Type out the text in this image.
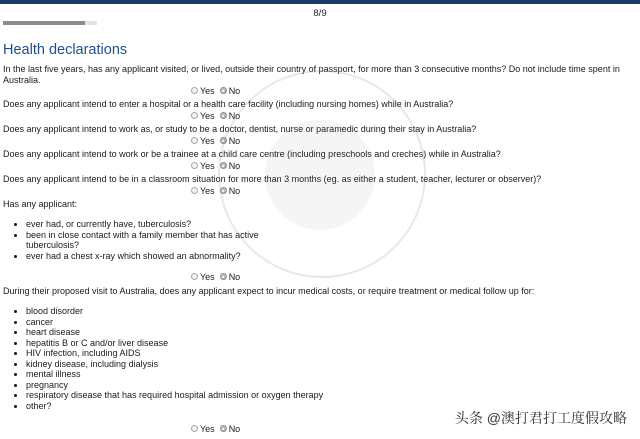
8/9
Health declarations
In the last five years, has any applicant visited, or lived, outside their country of passport, for more than 3 consecutive months? Do not include time spent in Australia.
Yes No
Does any applicant intend to enter a hospital or a health care facility (including nursing homes) while in Australia?
Yes No
Does any applicant intend to work as, or study to be a doctor, dentist, nurse or paramedic during their stay in Australia?
Yes No
Does any applicant intend to work or be a trainee at a child care centre (including preschools and creches) while in Australia?
Yes No
Does any applicant intend to be in a classroom situation for more than 3 months (eg. as either a student, teacher, lecturer or observer)?
Yes No
Has any applicant:
• ever had, or currently have, tuberculosis?
• been in close contact with a family member that has active tuberculosis?
• ever had a chest x-ray which showed an abnormality?
Yes No
During their proposed visit to Australia, does any applicant expect to incur medical costs, or require treatment or medical follow up for:
• blood disorder
• cancer
• heart disease
• hepatitis B or C and/or liver disease
• HIV infection, including AIDS
• kidney disease, including dialysis
• mental illness
• pregnancy
• respiratory disease that has required hospital admission or oxygen therapy
• other?
Yes No
头条 @澳打君打工度假攻略
